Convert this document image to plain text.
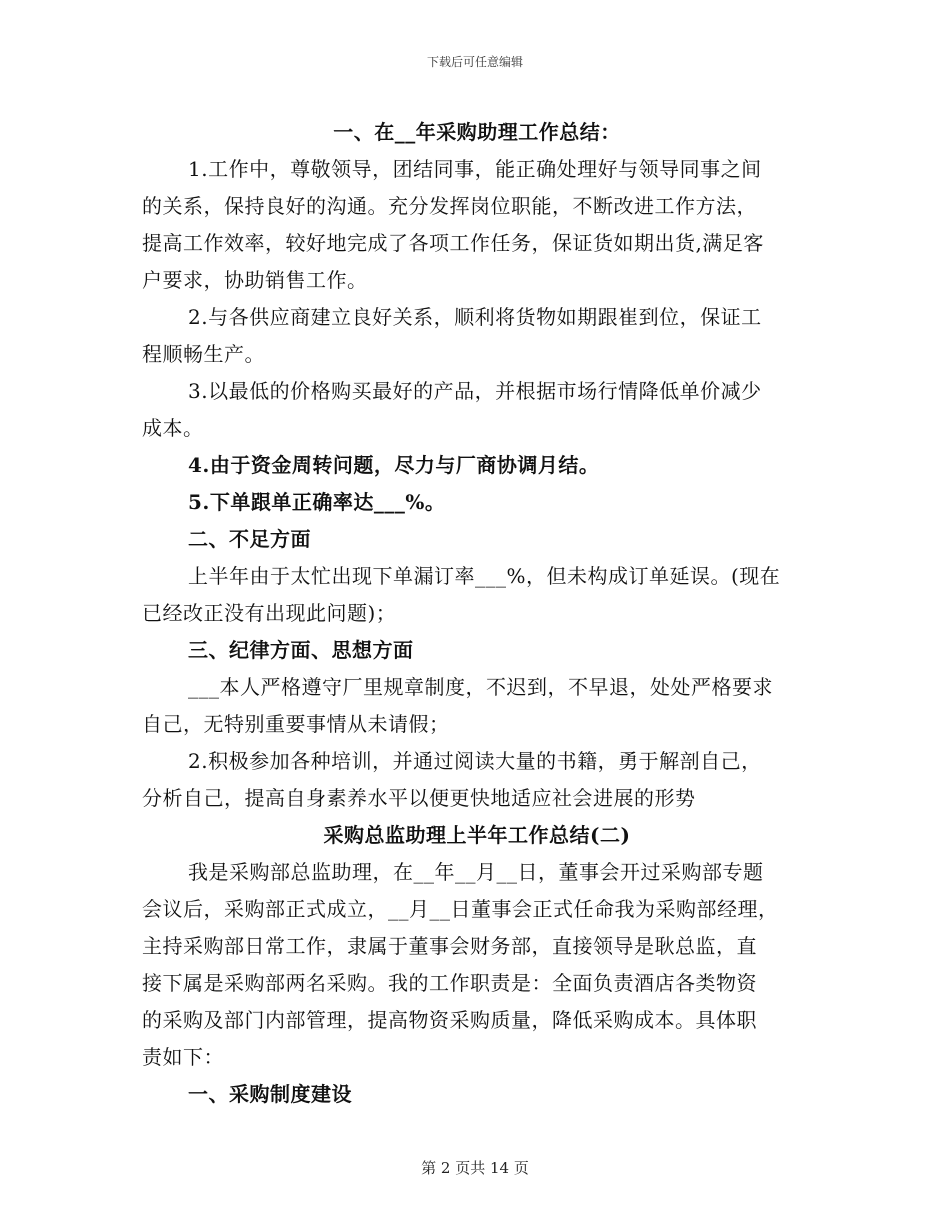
下载后可任意编辑
一、在__年采购助理工作总结：
1.工作中，尊敬领导，团结同事，能正确处理好与领导同事之间
的关系，保持良好的沟通。充分发挥岗位职能，不断改进工作方法，
提高工作效率，较好地完成了各项工作任务，保证货如期出货,满足客
户要求，协助销售工作。
2.与各供应商建立良好关系，顺利将货物如期跟崔到位，保证工
程顺畅生产。
3.以最低的价格购买最好的产品，并根据市场行情降低单价减少
成本。
4.由于资金周转问题，尽力与厂商协调月结。
5.下单跟单正确率达___%。
二、不足方面
上半年由于太忙出现下单漏订率___%，但未构成订单延误。(现在
已经改正没有出现此问题)；
三、纪律方面、思想方面
___本人严格遵守厂里规章制度，不迟到，不早退，处处严格要求
自己，无特别重要事情从未请假；
2.积极参加各种培训，并通过阅读大量的书籍，勇于解剖自己，
分析自己，提高自身素养水平以便更快地适应社会进展的形势
采购总监助理上半年工作总结(二)
我是采购部总监助理，在__年__月__日，董事会开过采购部专题
会议后，采购部正式成立，__月__日董事会正式任命我为采购部经理，
主持采购部日常工作，隶属于董事会财务部，直接领导是耿总监，直
接下属是采购部两名采购。我的工作职责是：全面负责酒店各类物资
的采购及部门内部管理，提高物资采购质量，降低采购成本。具体职
责如下：
一、采购制度建设
第 2 页共 14 页
